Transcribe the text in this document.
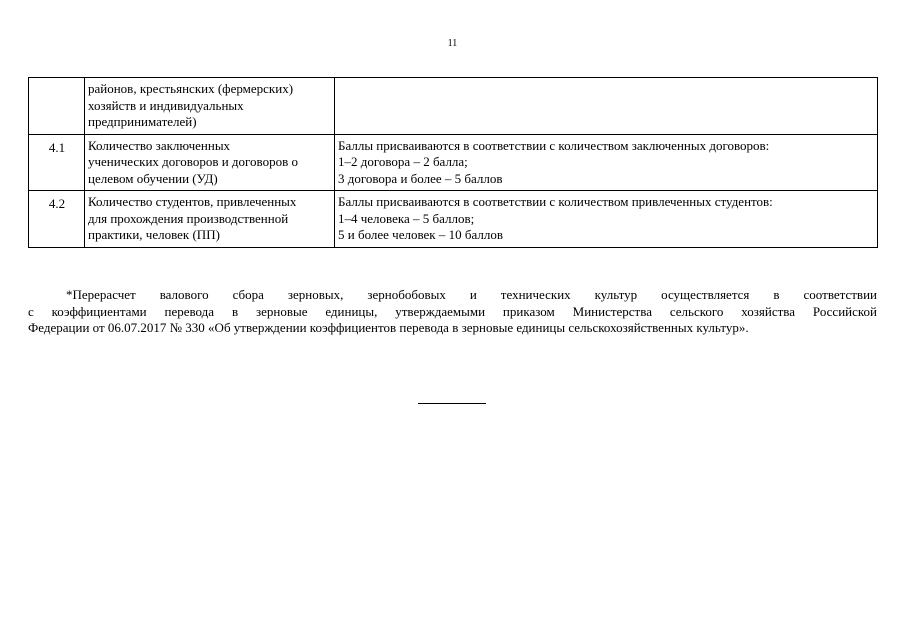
11

	районов, крестьянских (фермерских)
хозяйств и индивидуальных
предпринимателей)	

4.1	Количество заключенных
ученических договоров и договоров о
целевом обучении (УД)	Баллы присваиваются в соответствии с количеством заключенных договоров:
1–2 договора – 2 балла;
3 договора и более – 5 баллов

4.2	Количество студентов, привлеченных
для прохождения производственной
практики, человек (ПП)	Баллы присваиваются в соответствии с количеством привлеченных студентов:
1–4 человека – 5 баллов;
5 и более человек – 10 баллов
*Перерасчет валового сбора зерновых, зернобобовых и технических культур осуществляется в соответствии
с коэффициентами перевода в зерновые единицы, утверждаемыми приказом Министерства сельского хозяйства Российской
Федерации от 06.07.2017 № 330 «Об утверждении коэффициентов перевода в зерновые единицы сельскохозяйственных культур».
